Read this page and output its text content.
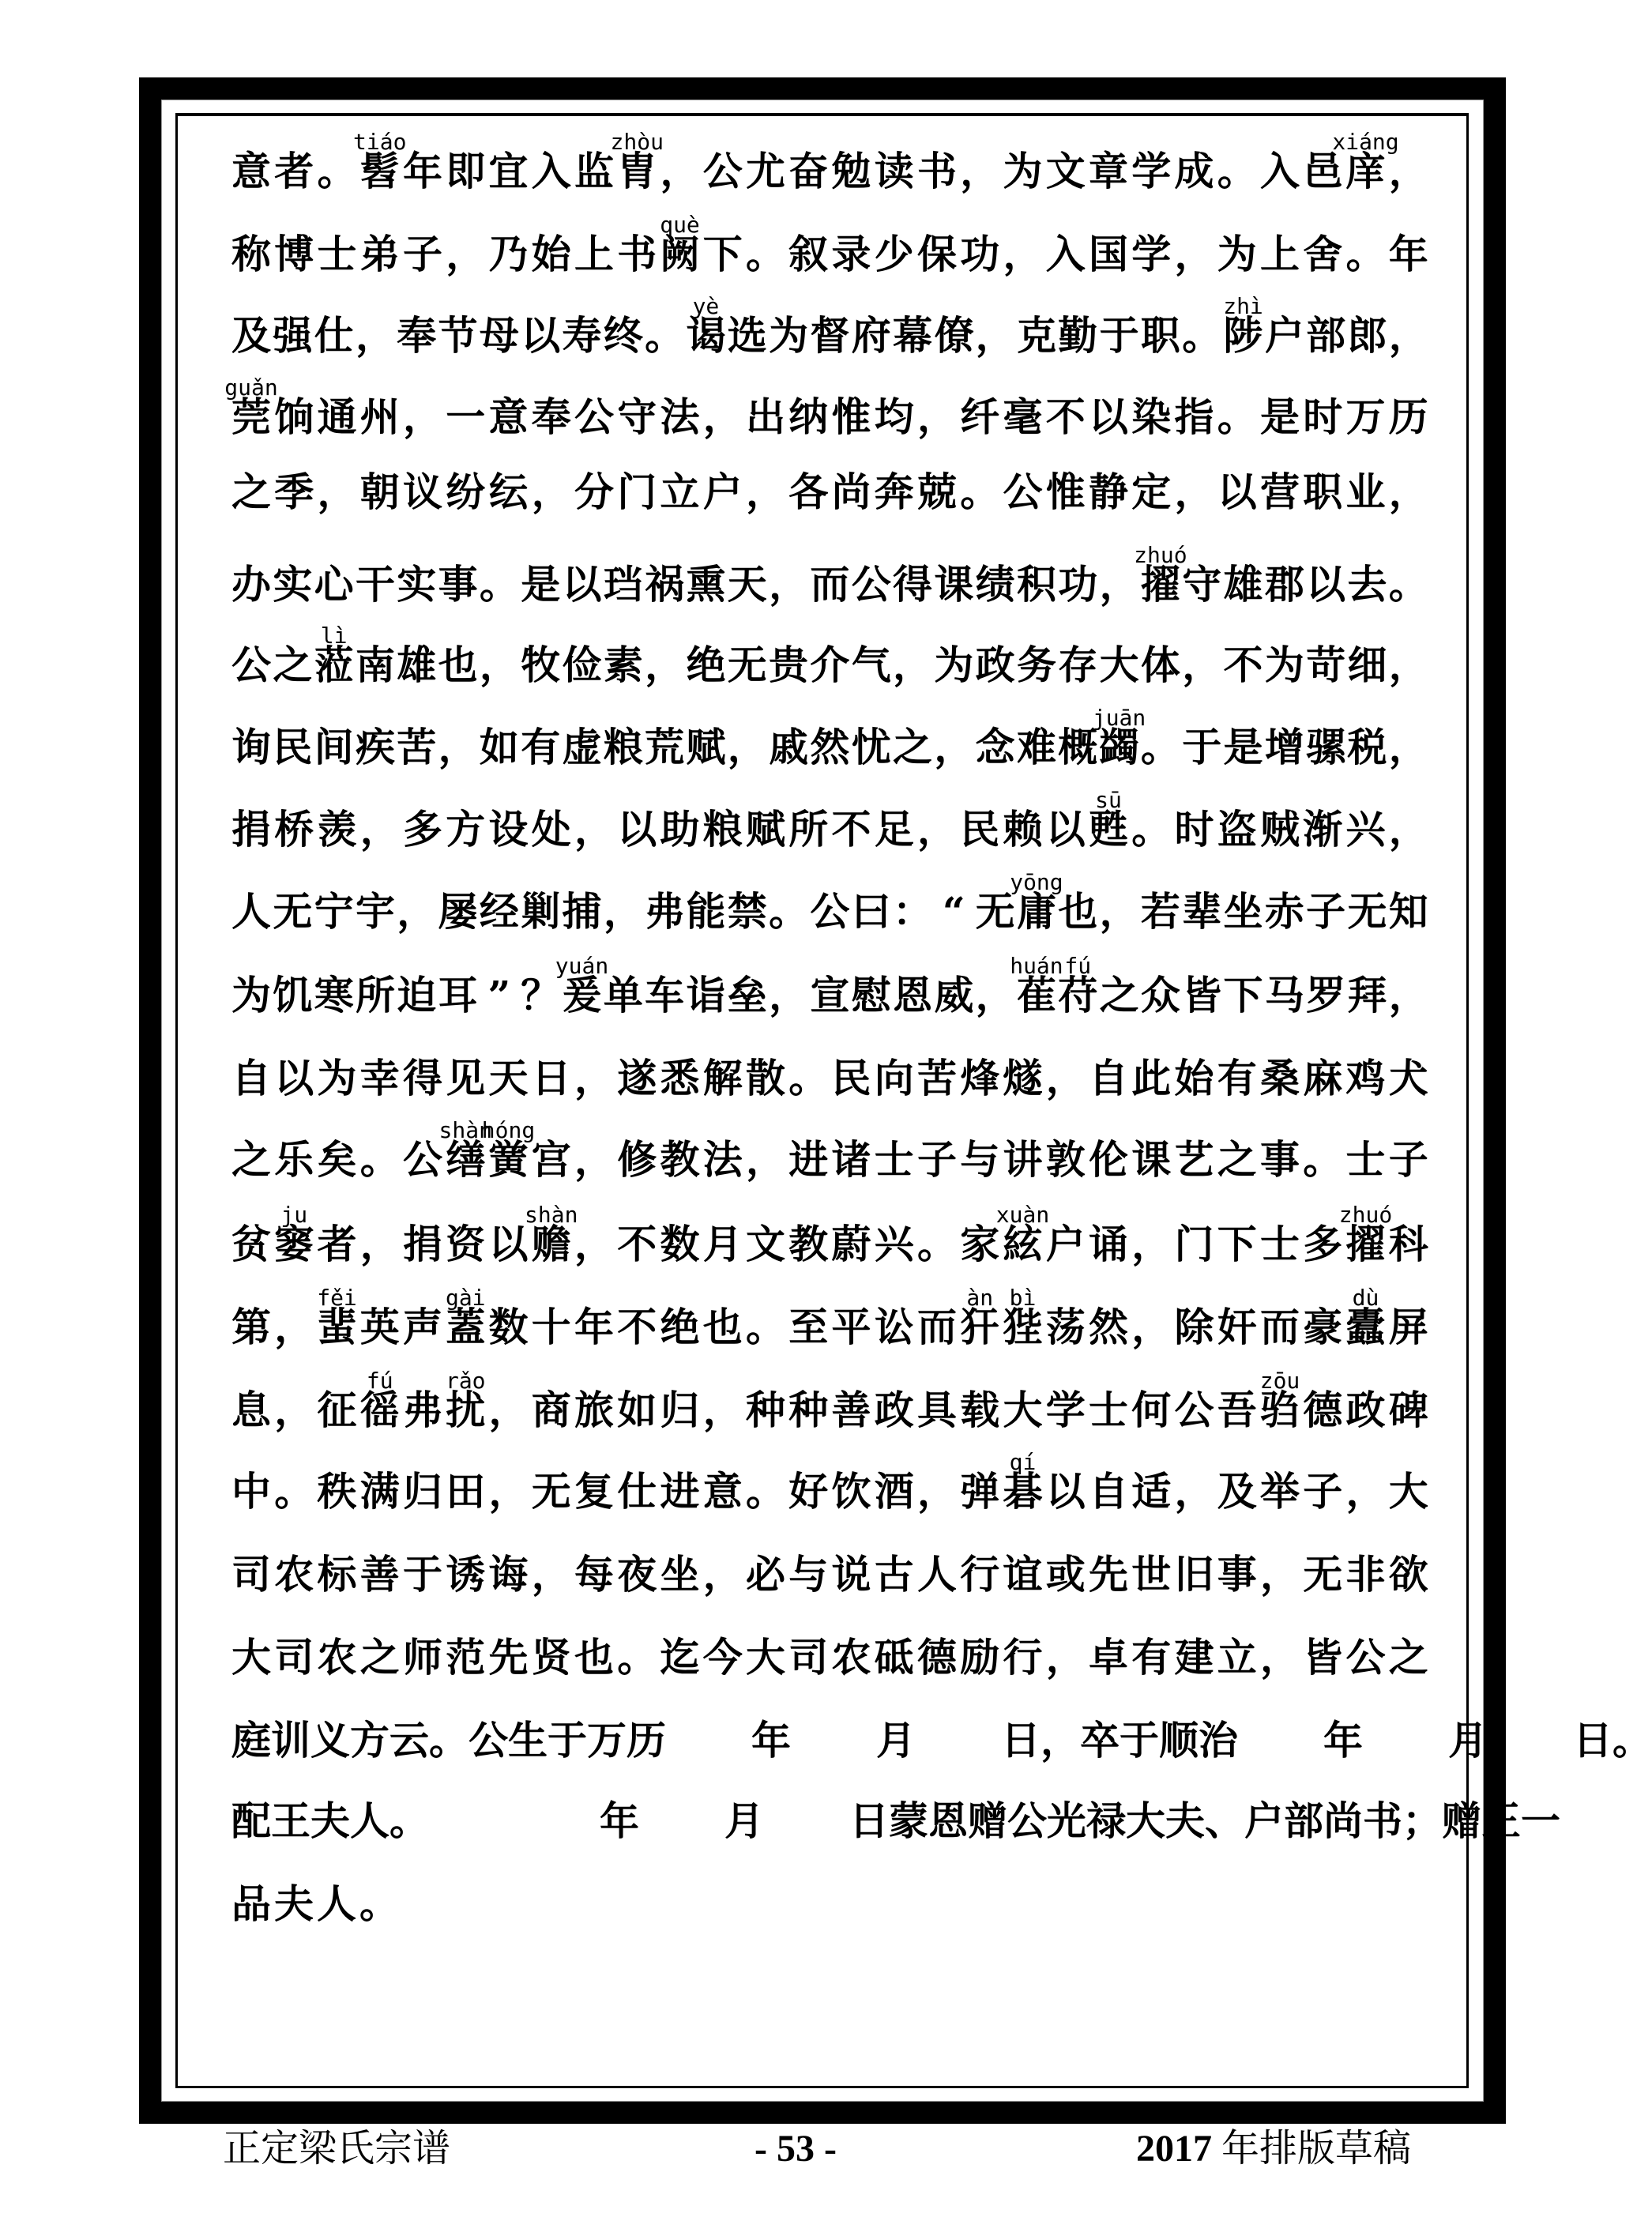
意 者 。 髫
tiáo
年 即 宜 入 监 胄
zhòu
， 公 尤 奋 勉 读 书 ， 为 文 章 学 成 。 入 邑 庠
xiáng
，
称 博 士 弟 子 ， 乃 始 上 书 阙
què
下 。 叙 录 少 保 功 ， 入 国 学 ， 为 上 舍 。 年
及 强 仕 ， 奉 节 母 以 寿 终 。 谒
yè
选 为 督 府 幕 僚 ， 克 勤 于 职 。 陟
zhì
户 部 郎 ，
莞
guǎn
饷 通 州 ， 一 意 奉 公 守 法 ， 出 纳 惟 均 ， 纤 毫 不 以 染 指 。 是 时 万 历
之 季 ， 朝 议 纷 纭 ， 分 门 立 户 ， 各 尚 奔 兢 。 公 惟 静 定 ， 以 营 职 业 ，
办 实 心 干 实 事 。 是 以 珰 祸 熏 天 ， 而 公 得 课 绩 积 功 ， 擢
zhuó
守 雄 郡 以 去 。
公 之 蒞
lì
南 雄 也 ， 牧 俭 素 ， 绝 无 贵 介 气 ， 为 政 务 存 大 体 ， 不 为 苛 细 ，
询 民 间 疾 苦 ， 如 有 虚 粮 荒 赋 ， 戚 然 忧 之 ， 念 难 概 蠲
juān
。 于 是 增 骡 税 ，
捐 桥 羡 ， 多 方 设 处 ， 以 助 粮 赋 所 不 足 ， 民 赖 以 甦
sū
。 时 盗 贼 渐 兴 ，
人 无 宁 宇 ， 屡 经 剿 捕 ， 弗 能 禁 。 公 曰 ： “ 无 庸
yōng
也 ， 若 辈 坐 赤 子 无 知
为 饥 寒 所 迫 耳 ” ？ 爰
yuán
单 车 诣 垒 ， 宣 慰 恩 威 ， 萑
huán
苻
fú
之 众 皆 下 马 罗 拜 ，
自 以 为 幸 得 见 天 日 ， 遂 悉 解 散 。 民 向 苦 烽 燧 ， 自 此 始 有 桑 麻 鸡 犬
之 乐 矣 。 公 缮
shàn
黉
hóng
宫 ， 修 教 法 ， 进 诸 士 子 与 讲 敦 伦 课 艺 之 事 。 士 子
贫 窭
ju
者 ， 捐 资 以 赡
shàn
， 不 数 月 文 教 蔚 兴 。 家 絃
xuàn
户 诵 ， 门 下 士 多 擢
zhuó
科
第 ， 蜚
fěi
英 声 蓋
gài
数 十 年 不 绝 也 。 至 平 讼 而 犴
àn
狴
bì
荡 然 ， 除 奸 而 豪 蠹
dù
屏
息 ， 征 徭
fú
弗 扰
rǎo
， 商 旅 如 归 ， 种 种 善 政 具 载 大 学 士 何 公 吾 驺
zōu
德 政 碑
中 。 秩 满 归 田 ， 无 复 仕 进 意 。 好 饮 酒 ， 弹 碁
qí
以 自 适 ， 及 举 子 ， 大
司 农 标 善 于 诱 诲 ， 每 夜 坐 ， 必 与 说 古 人 行 谊 或 先 世 旧 事 ， 无 非 欲
大 司 农 之 师 范 先 贤 也 。 迄 今 大 司 农 砥 德 励 行 ， 卓 有 建 立 ， 皆 公 之
庭 训 义 方 云 。 公 生 于 万 历
年
月
日 ， 卒 于 顺 治
年
月
日 。
配 王 夫 人 。

	年
月
日 蒙 恩 赠 公 光 禄 大 夫 、 户 部 尚 书 ； 赠 王 一
品 夫 人 。
正定梁氏宗谱	- 53 -	2017 年排版草稿
